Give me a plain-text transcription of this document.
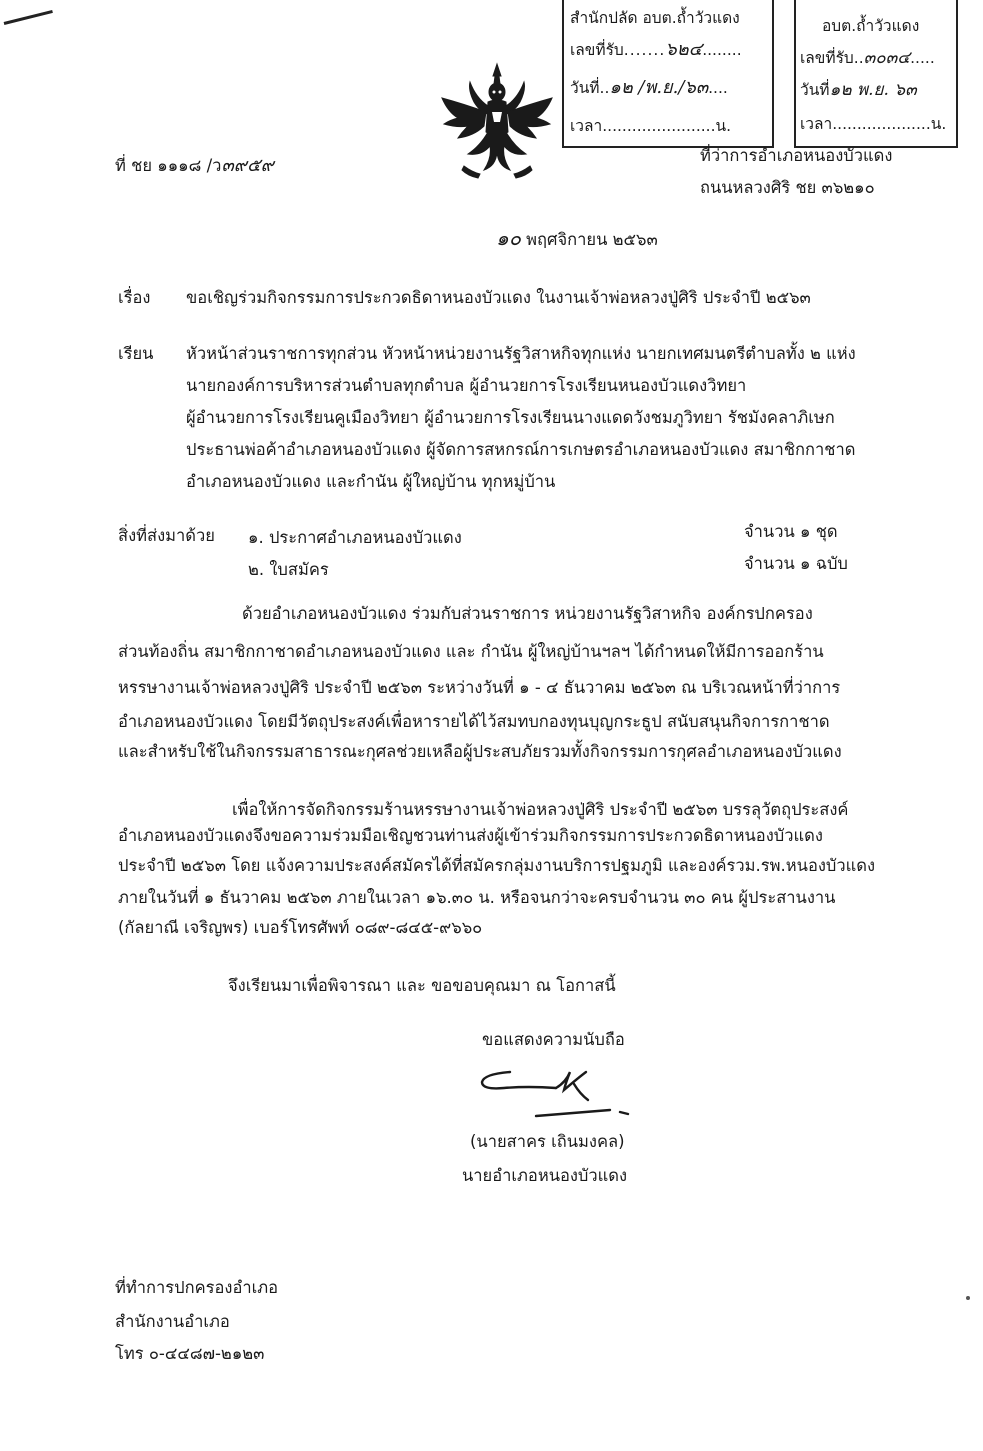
สำนักปลัด อบต.ถ้ำวัวแดง
เลขที่รับ.......๖๒๔........
วันที่..๑๒ /พ.ย./๖๓....
เวลา.......................น.
อบต.ถ้ำวัวแดง
เลขที่รับ..๓๐๓๔.....
วันที่๑๒ พ.ย. ๖๓
เวลา....................น.
ที่ ชย ๑๑๑๘ /ว๓๙๕๙	ที่ว่าการอำเภอหนองบัวแดง
ถนนหลวงศิริ ชย ๓๖๒๑๐
๑๐ พฤศจิกายน ๒๕๖๓
เรื่อง ขอเชิญร่วมกิจกรรมการประกวดธิดาหนองบัวแดง ในงานเจ้าพ่อหลวงปู่ศิริ ประจำปี ๒๕๖๓
เรียน หัวหน้าส่วนราชการทุกส่วน หัวหน้าหน่วยงานรัฐวิสาหกิจทุกแห่ง นายกเทศมนตรีตำบลทั้ง ๒ แห่ง
นายกองค์การบริหารส่วนตำบลทุกตำบล ผู้อำนวยการโรงเรียนหนองบัวแดงวิทยา
ผู้อำนวยการโรงเรียนคูเมืองวิทยา ผู้อำนวยการโรงเรียนนางแดดวังชมภูวิทยา รัชมังคลาภิเษก
ประธานพ่อค้าอำเภอหนองบัวแดง ผู้จัดการสหกรณ์การเกษตรอำเภอหนองบัวแดง สมาชิกกาชาด
อำเภอหนองบัวแดง และกำนัน ผู้ใหญ่บ้าน ทุกหมู่บ้าน
สิ่งที่ส่งมาด้วย ๑. ประกาศอำเภอหนองบัวแดง	จำนวน ๑ ชุด
๒. ใบสมัคร	จำนวน ๑ ฉบับ
ด้วยอำเภอหนองบัวแดง ร่วมกับส่วนราชการ หน่วยงานรัฐวิสาหกิจ องค์กรปกครอง
ส่วนท้องถิ่น สมาชิกกาชาดอำเภอหนองบัวแดง และ กำนัน ผู้ใหญ่บ้านฯลฯ ได้กำหนดให้มีการออกร้าน
หรรษางานเจ้าพ่อหลวงปู่ศิริ ประจำปี ๒๕๖๓ ระหว่างวันที่ ๑ - ๔ ธันวาคม ๒๕๖๓ ณ บริเวณหน้าที่ว่าการ
อำเภอหนองบัวแดง โดยมีวัตถุประสงค์เพื่อหารายได้ไว้สมทบกองทุนบุญกระธูป สนับสนุนกิจการกาชาด
และสำหรับใช้ในกิจกรรมสาธารณะกุศลช่วยเหลือผู้ประสบภัยรวมทั้งกิจกรรมการกุศลอำเภอหนองบัวแดง
เพื่อให้การจัดกิจกรรมร้านหรรษางานเจ้าพ่อหลวงปู่ศิริ ประจำปี ๒๕๖๓ บรรลุวัตถุประสงค์
อำเภอหนองบัวแดงจึงขอความร่วมมือเชิญชวนท่านส่งผู้เข้าร่วมกิจกรรมการประกวดธิดาหนองบัวแดง
ประจำปี ๒๕๖๓ โดย แจ้งความประสงค์สมัครได้ที่สมัครกลุ่มงานบริการปฐมภูมิ และองค์รวม.รพ.หนองบัวแดง
ภายในวันที่ ๑ ธันวาคม ๒๕๖๓ ภายในเวลา ๑๖.๓๐ น. หรือจนกว่าจะครบจำนวน ๓๐ คน ผู้ประสานงาน
(กัลยาณี เจริญพร) เบอร์โทรศัพท์ ๐๘๙-๘๔๕-๙๖๖๐
จึงเรียนมาเพื่อพิจารณา และ ขอขอบคุณมา ณ โอกาสนี้
ขอแสดงความนับถือ
(นายสาคร เถินมงคล)
นายอำเภอหนองบัวแดง
ที่ทำการปกครองอำเภอ
สำนักงานอำเภอ
โทร ๐-๔๔๘๗-๒๑๒๓
